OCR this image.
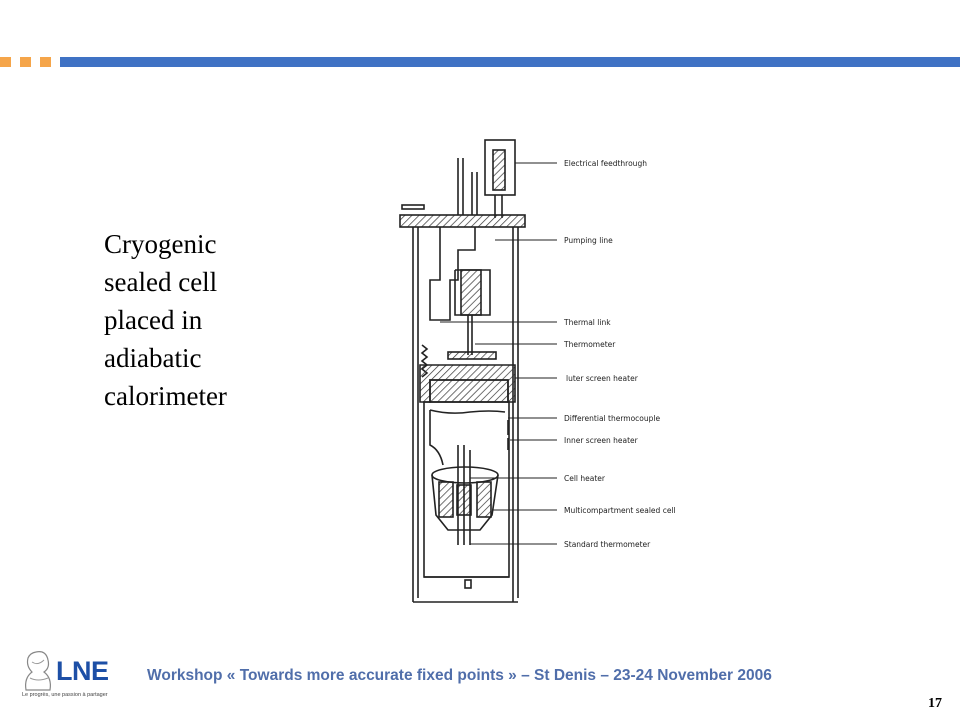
Cryogenic
sealed cell
placed in
adiabatic
calorimeter
Electrical feedthrough
Pumping line
Thermal link
Thermometer
luter screen heater
Differential thermocouple
Inner screen heater
Cell heater
Multicompartment sealed cell
Standard thermometer
LNE
Le progrès, une passion à partager
Workshop « Towards more accurate fixed points » – St Denis – 23-24 November 2006
17
